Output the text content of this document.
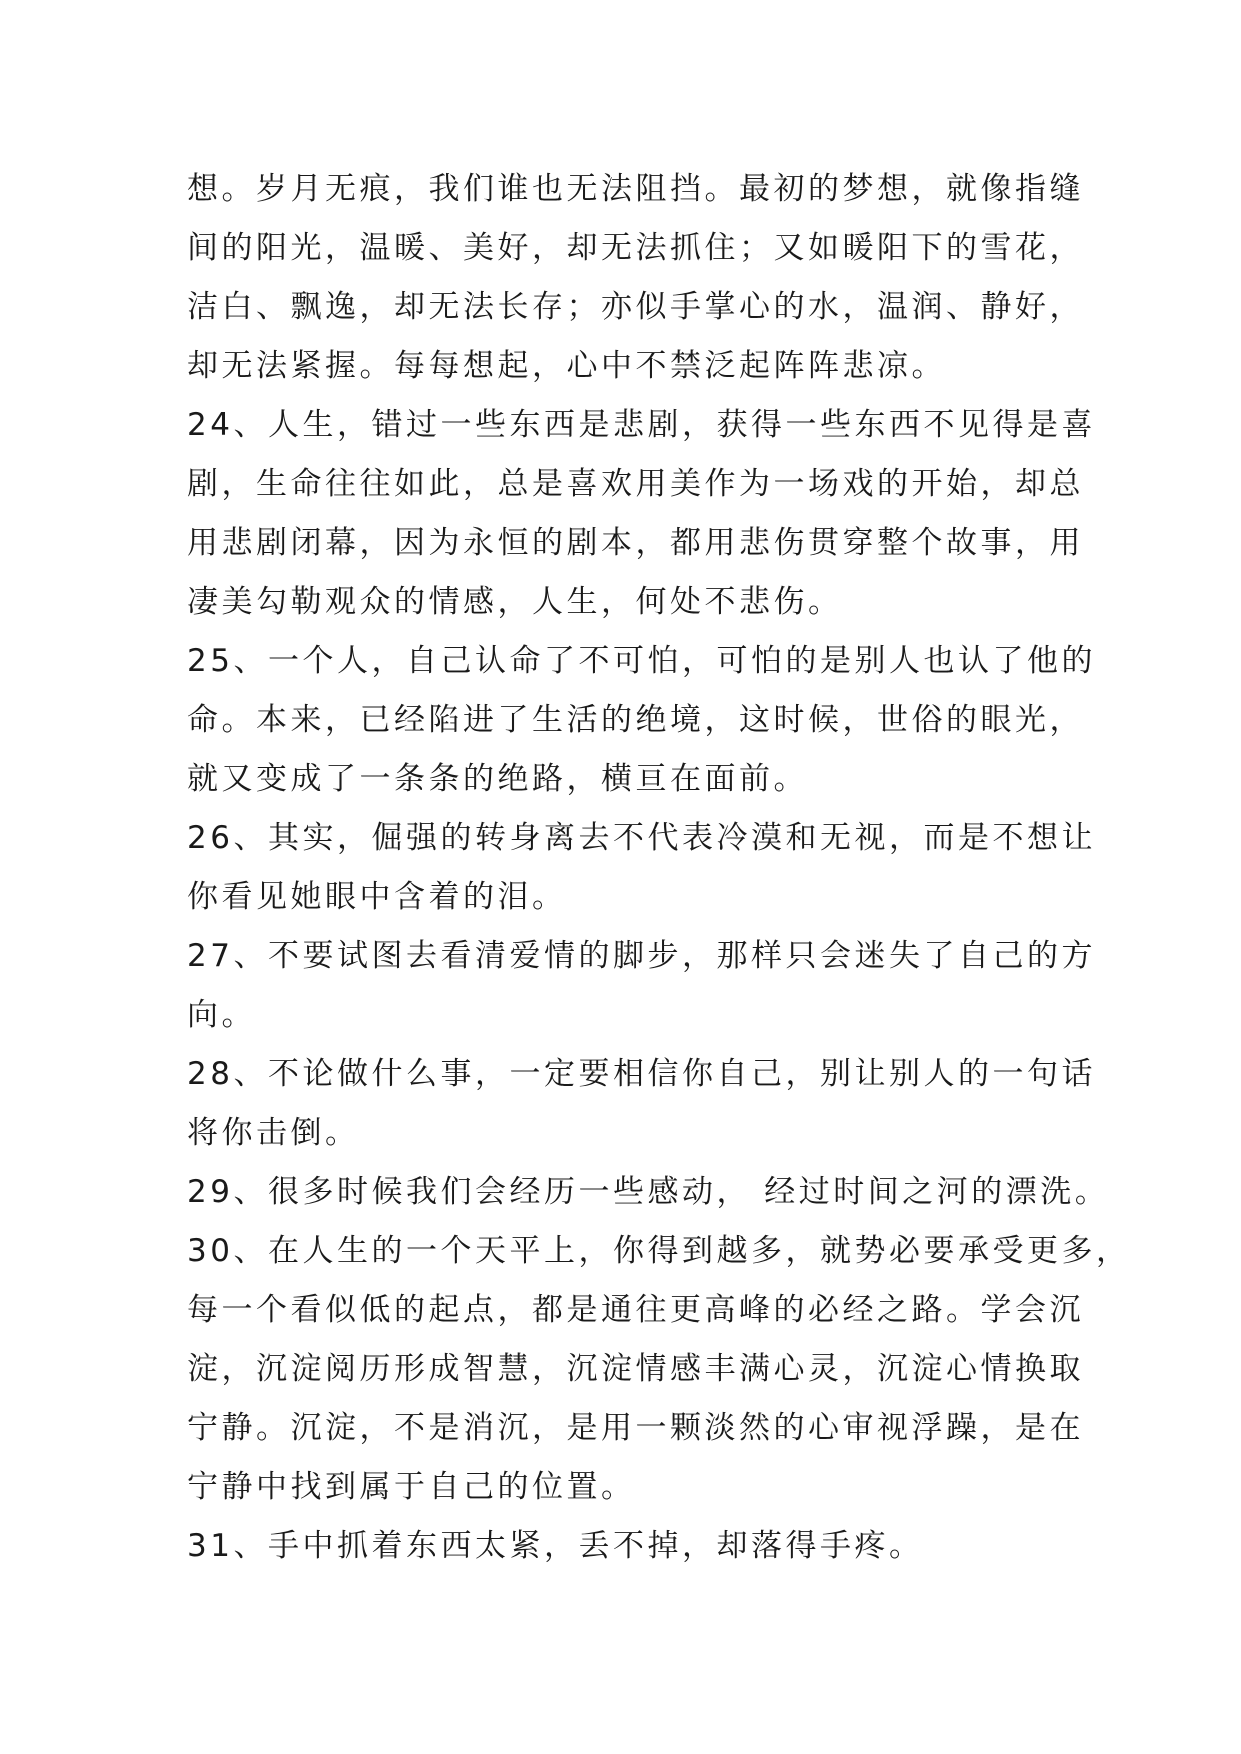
想。岁月无痕，我们谁也无法阻挡。最初的梦想，就像指缝
间的阳光，温暖、美好，却无法抓住；又如暖阳下的雪花，
洁白、飘逸，却无法长存；亦似手掌心的水，温润、静好，
却无法紧握。每每想起，心中不禁泛起阵阵悲凉。
24、人生，错过一些东西是悲剧，获得一些东西不见得是喜
剧，生命往往如此，总是喜欢用美作为一场戏的开始，却总
用悲剧闭幕，因为永恒的剧本，都用悲伤贯穿整个故事，用
凄美勾勒观众的情感，人生，何处不悲伤。
25、一个人，自己认命了不可怕，可怕的是别人也认了他的
命。本来，已经陷进了生活的绝境，这时候，世俗的眼光，
就又变成了一条条的绝路，横亘在面前。
26、其实，倔强的转身离去不代表冷漠和无视，而是不想让
你看见她眼中含着的泪。
27、不要试图去看清爱情的脚步，那样只会迷失了自己的方
向。
28、不论做什么事，一定要相信你自己，别让别人的一句话
将你击倒。
29、很多时候我们会经历一些感动， 经过时间之河的漂洗。
30、在人生的一个天平上，你得到越多，就势必要承受更多，
每一个看似低的起点，都是通往更高峰的必经之路。学会沉
淀，沉淀阅历形成智慧，沉淀情感丰满心灵，沉淀心情换取
宁静。沉淀，不是消沉，是用一颗淡然的心审视浮躁，是在
宁静中找到属于自己的位置。
31、手中抓着东西太紧，丢不掉，却落得手疼。
